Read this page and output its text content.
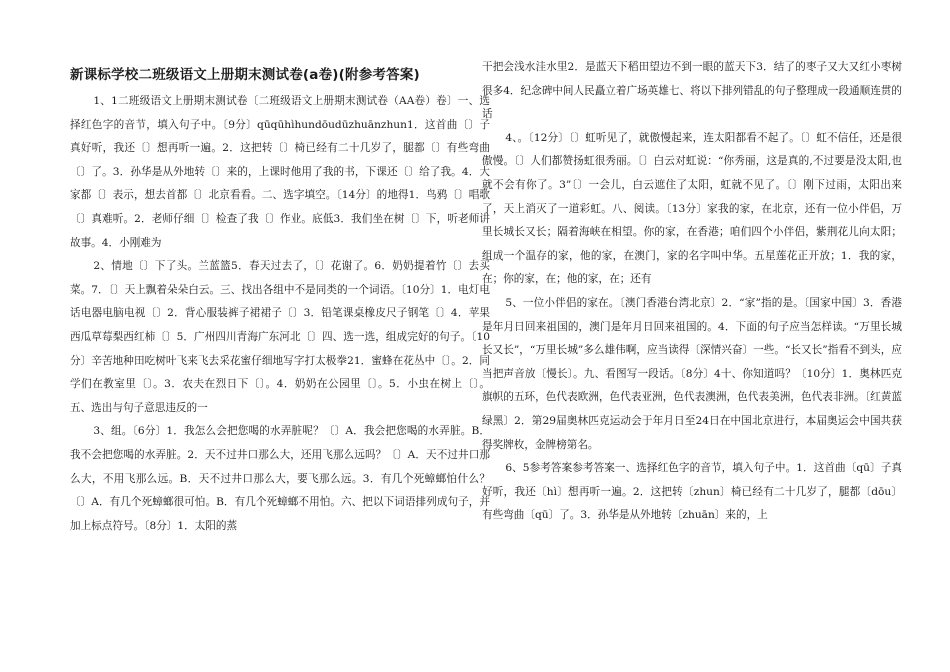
新课标学校二班级语文上册期末测试卷(a卷)(附参考答案)

1、1二班级语文上册期末测试卷〔二班级语文上册期末测试卷（AA卷）卷〕一、选择红色字的音节，填入句子中。〔9分〕qūqūhìhundōudūzhuānzhun1．这首曲〔〕子真好听，我还〔〕想再听一遍。2．这把转〔〕椅已经有二十几岁了，腿都〔〕有些弯曲〔〕了。3．孙华是从外地转〔〕来的，上课时他用了我的书，下课还〔〕给了我。4．大家都〔〕表示，想去首都〔〕北京看看。二、选字填空。〔14分〕的地得1．鸟鸦〔〕唱歌〔〕真难听。2．老师仔细〔〕检查了我〔〕作业。底低3．我们坐在树〔〕下，听老师讲故事。4．小刚难为

2、情地〔〕下了头。兰蓝篮5．春天过去了，〔〕花谢了。6．奶奶提着竹〔〕去买菜。7．〔〕天上飘着朵朵白云。三、找出各组中不是同类的一个词语。〔10分〕1．电灯电话电器电脑电视〔〕2．背心服装裤子裙裙子〔〕3．铅笔课桌橡皮尺子钢笔〔〕4．苹果西瓜草莓梨西红柿〔〕5．广州四川青海广东河北〔〕四、选一选，组成完好的句子。〔10分〕辛苦地种田吃树叶飞来飞去采花蜜仔细地写字打太极拳21．蜜蜂在花丛中〔〕。2．同学们在教室里〔〕。3．农夫在烈日下〔〕。4．奶奶在公园里〔〕。5．小虫在树上〔〕。五、选出与句子意思违反的一

3、组。〔6分〕1．我怎么会把您喝的水弄脏呢？〔〕A．我会把您喝的水弄脏。B．我不会把您喝的水弄脏。2．天不过井口那么大，还用飞那么远吗？〔〕A．天不过井口那么大，不用飞那么远。B．天不过井口那么大，要飞那么远。3．有几个死蟑螂怕什么？〔〕A．有几个死蟑螂很可怕。B．有几个死蟑螂不用怕。六、把以下词语排列成句子，并加上标点符号。〔8分〕1．太阳的蒸

干把会浅水洼水里2．是蓝天下稻田望边不到一眼的蓝天下3．结了的枣子又大又红小枣树很多4．纪念碑中间人民矗立着广场英雄七、将以下排列错乱的句子整理成一段通顺连贯的话

4、。〔12分〕〔〕虹听见了，就傲慢起来，连太阳都看不起了。〔〕虹不信任，还是很傲慢。〔〕人们都赞扬虹很秀丽。〔〕白云对虹说：“你秀丽，这是真的,不过要是没太阳,也就不会有你了。3”〔〕一会儿，白云遮住了太阳，虹就不见了。〔〕刚下过雨，太阳出来了，天上消灭了一道彩虹。八、阅读。〔13分〕家我的家，在北京，还有一位小伴侣，万里长城长又长；隔着海峡在相望。你的家，在香港；咱们四个小伴侣，紫荆花儿向太阳；组成一个温存的家，他的家，在澳门，家的名字叫中华。五星莲花正开放；1．我的家，在；你的家，在；他的家，在；还有

5、一位小伴侣的家在。〔澳门香港台湾北京〕2．“家”指的是。〔国家中国〕3．香港是年月日回来祖国的，澳门是年月日回来祖国的。4．下面的句子应当怎样读。“万里长城长又长”，“万里长城”多么雄伟啊，应当读得〔深情兴奋〕一些。“长又长”指看不到头，应当把声音放〔慢长〕。九、看图写一段话。〔8分〕4十、你知道吗？〔10分〕1．奥林匹克旗帜的五环，色代表欧洲，色代表亚洲，色代表澳洲，色代表美洲，色代表非洲。〔红黄蓝绿黑〕2．第29届奥林匹克运动会于年月日至24日在中国北京进行，本届奥运会中国共获得奖牌枚，金牌榜第名。

6、5参考答案参考答案一、选择红色字的音节，填入句子中。1．这首曲〔qū〕子真好听，我还〔hì〕想再听一遍。2．这把转〔zhun〕椅已经有二十几岁了，腿都〔dōu〕有些弯曲〔qū〕了。3．孙华是从外地转〔zhuān〕来的，上
